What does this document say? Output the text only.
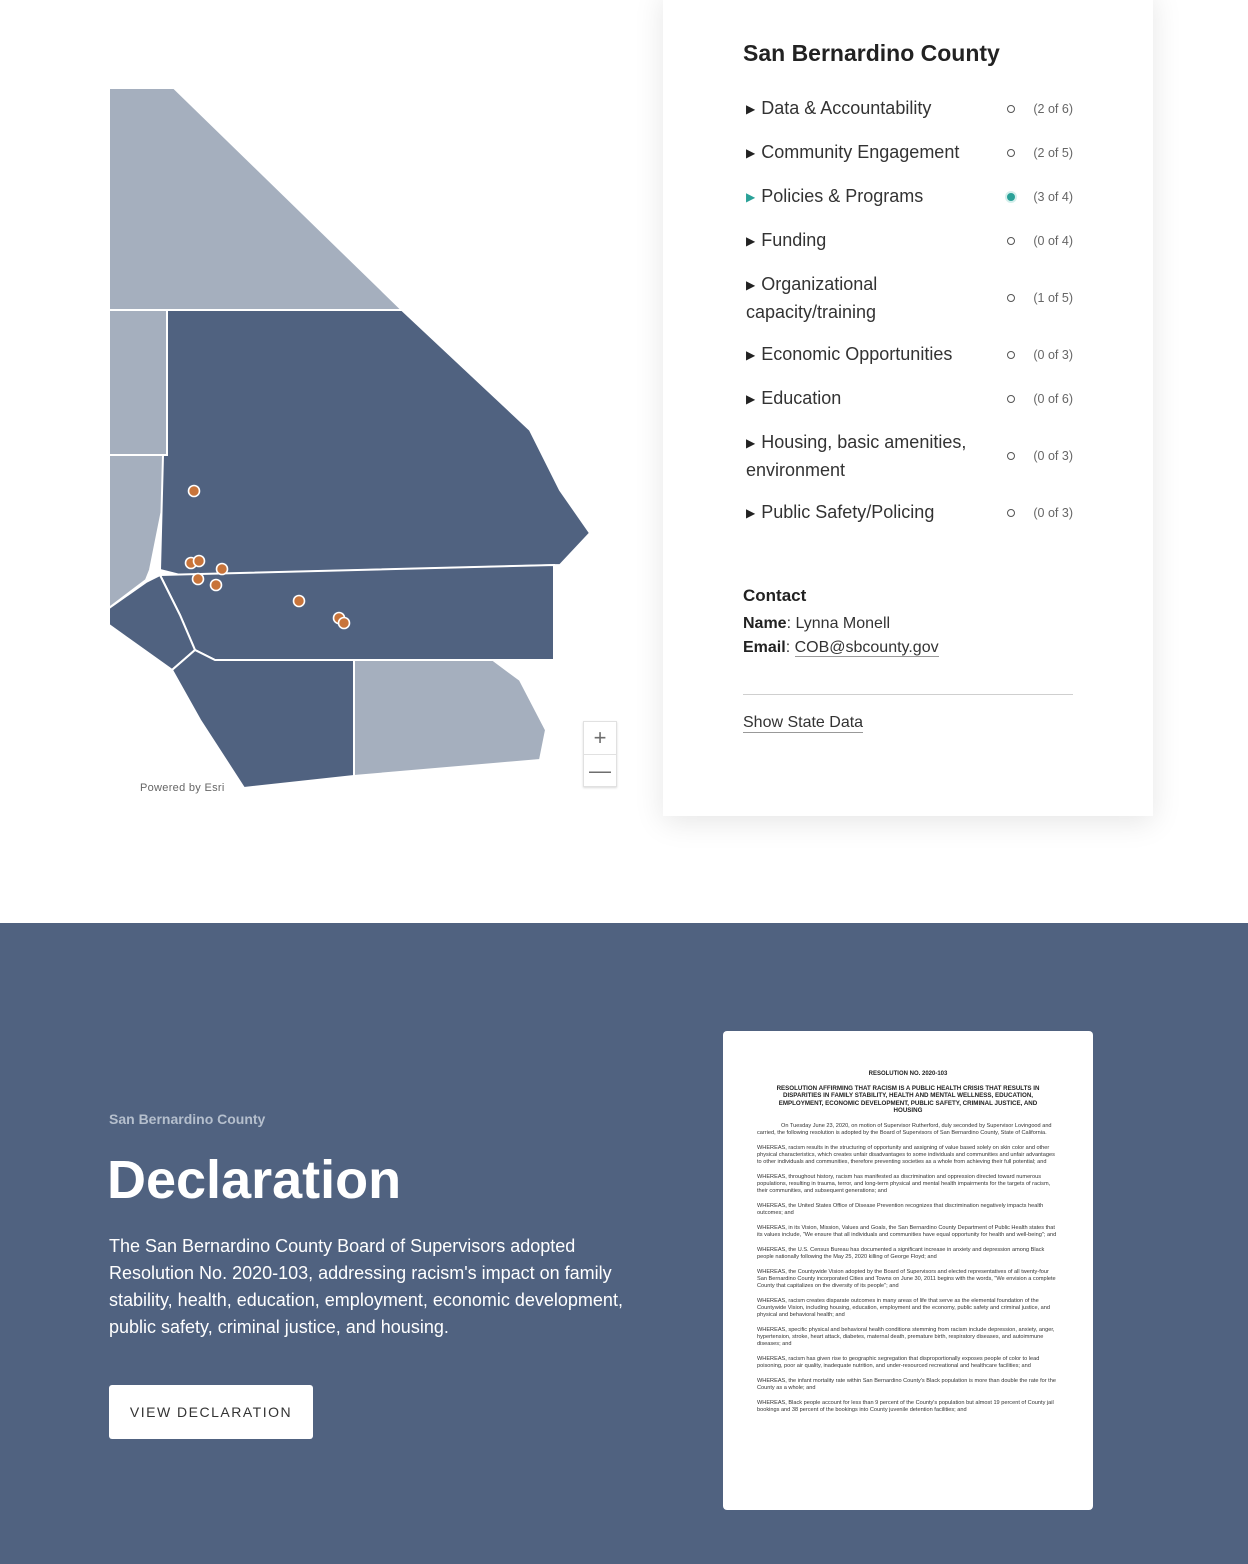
Powered by Esri
+
—
San Bernardino County
▶ Data & Accountability	(2 of 6)
▶ Community Engagement	(2 of 5)
▶ Policies & Programs	(3 of 4)
▶ Funding	(0 of 4)
▶ Organizational capacity/training
(1 of 5)
▶ Economic Opportunities	(0 of 3)
▶ Education	(0 of 6)
▶ Housing, basic amenities, environment
(0 of 3)
▶ Public Safety/Policing	(0 of 3)
Contact

Name: Lynna Monell

Email: COB@sbcounty.gov

Show State Data
San Bernardino County
Declaration

The San Bernardino County Board of Supervisors adopted Resolution No. 2020-103, addressing racism's impact on family stability, health, education, employment, economic development, public safety, criminal justice, and housing.

VIEW DECLARATION
RESOLUTION NO. 2020-103
RESOLUTION AFFIRMING THAT RACISM IS A PUBLIC HEALTH CRISIS THAT RESULTS IN DISPARITIES IN FAMILY STABILITY, HEALTH AND MENTAL WELLNESS, EDUCATION, EMPLOYMENT, ECONOMIC DEVELOPMENT, PUBLIC SAFETY, CRIMINAL JUSTICE, AND HOUSING

On Tuesday June 23, 2020, on motion of Supervisor Rutherford, duly seconded by Supervisor Lovingood and carried, the following resolution is adopted by the Board of Supervisors of San Bernardino County, State of California.

WHEREAS, racism results in the structuring of opportunity and assigning of value based solely on skin color and other physical characteristics, which creates unfair disadvantages to some individuals and communities and unfair advantages to other individuals and communities, therefore preventing societies as a whole from achieving their full potential; and

WHEREAS, throughout history, racism has manifested as discrimination and oppression directed toward numerous populations, resulting in trauma, terror, and long-term physical and mental health impairments for the targets of racism, their communities, and subsequent generations; and

WHEREAS, the United States Office of Disease Prevention recognizes that discrimination negatively impacts health outcomes; and

WHEREAS, in its Vision, Mission, Values and Goals, the San Bernardino County Department of Public Health states that its values include, "We ensure that all individuals and communities have equal opportunity for health and well-being"; and

WHEREAS, the U.S. Census Bureau has documented a significant increase in anxiety and depression among Black people nationally following the May 25, 2020 killing of George Floyd; and

WHEREAS, the Countywide Vision adopted by the Board of Supervisors and elected representatives of all twenty-four San Bernardino County incorporated Cities and Towns on June 30, 2011 begins with the words, "We envision a complete County that capitalizes on the diversity of its people"; and

WHEREAS, racism creates disparate outcomes in many areas of life that serve as the elemental foundation of the Countywide Vision, including housing, education, employment and the economy, public safety and criminal justice, and physical and behavioral health; and

WHEREAS, specific physical and behavioral health conditions stemming from racism include depression, anxiety, anger, hypertension, stroke, heart attack, diabetes, maternal death, premature birth, respiratory diseases, and autoimmune diseases; and

WHEREAS, racism has given rise to geographic segregation that disproportionally exposes people of color to lead poisoning, poor air quality, inadequate nutrition, and under-resourced recreational and healthcare facilities; and

WHEREAS, the infant mortality rate within San Bernardino County's Black population is more than double the rate for the County as a whole; and

WHEREAS, Black people account for less than 9 percent of the County's population but almost 19 percent of County jail bookings and 38 percent of the bookings into County juvenile detention facilities; and
